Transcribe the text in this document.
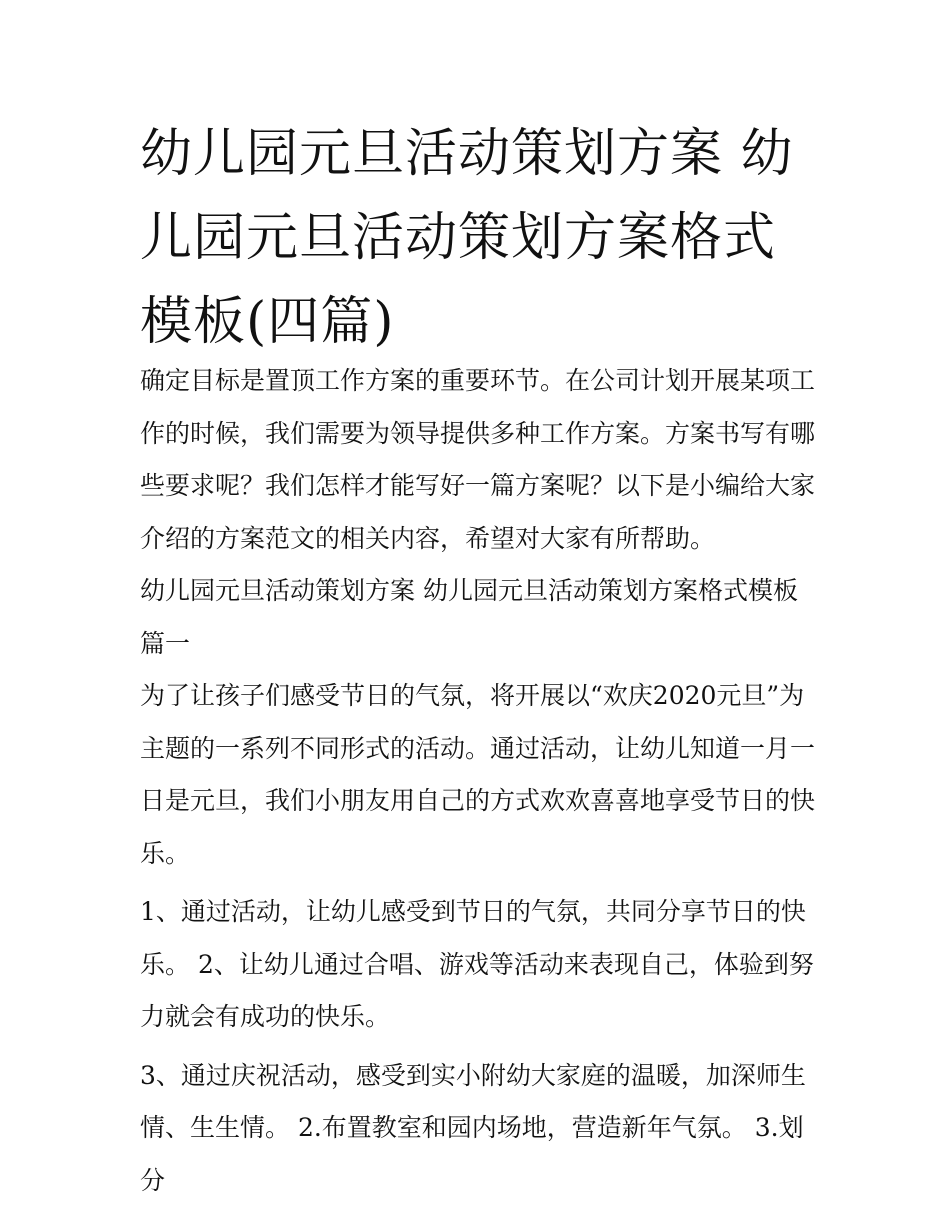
幼儿园元旦活动策划方案 幼儿园元旦活动策划方案格式模板(四篇)

确定目标是置顶工作方案的重要环节。在公司计划开展某项工作的时候，我们需要为领导提供多种工作方案。方案书写有哪些要求呢？我们怎样才能写好一篇方案呢？以下是小编给大家介绍的方案范文的相关内容，希望对大家有所帮助。

幼儿园元旦活动策划方案 幼儿园元旦活动策划方案格式模板篇一

为了让孩子们感受节日的气氛，将开展以“欢庆2020元旦”为主题的一系列不同形式的活动。通过活动，让幼儿知道一月一日是元旦，我们小朋友用自己的方式欢欢喜喜地享受节日的快乐。

1、通过活动，让幼儿感受到节日的气氛，共同分享节日的快乐。 2、让幼儿通过合唱、游戏等活动来表现自己，体验到努力就会有成功的快乐。

3、通过庆祝活动，感受到实小附幼大家庭的温暖，加深师生情、生生情。 2.布置教室和园内场地，营造新年气氛。 3.划分
